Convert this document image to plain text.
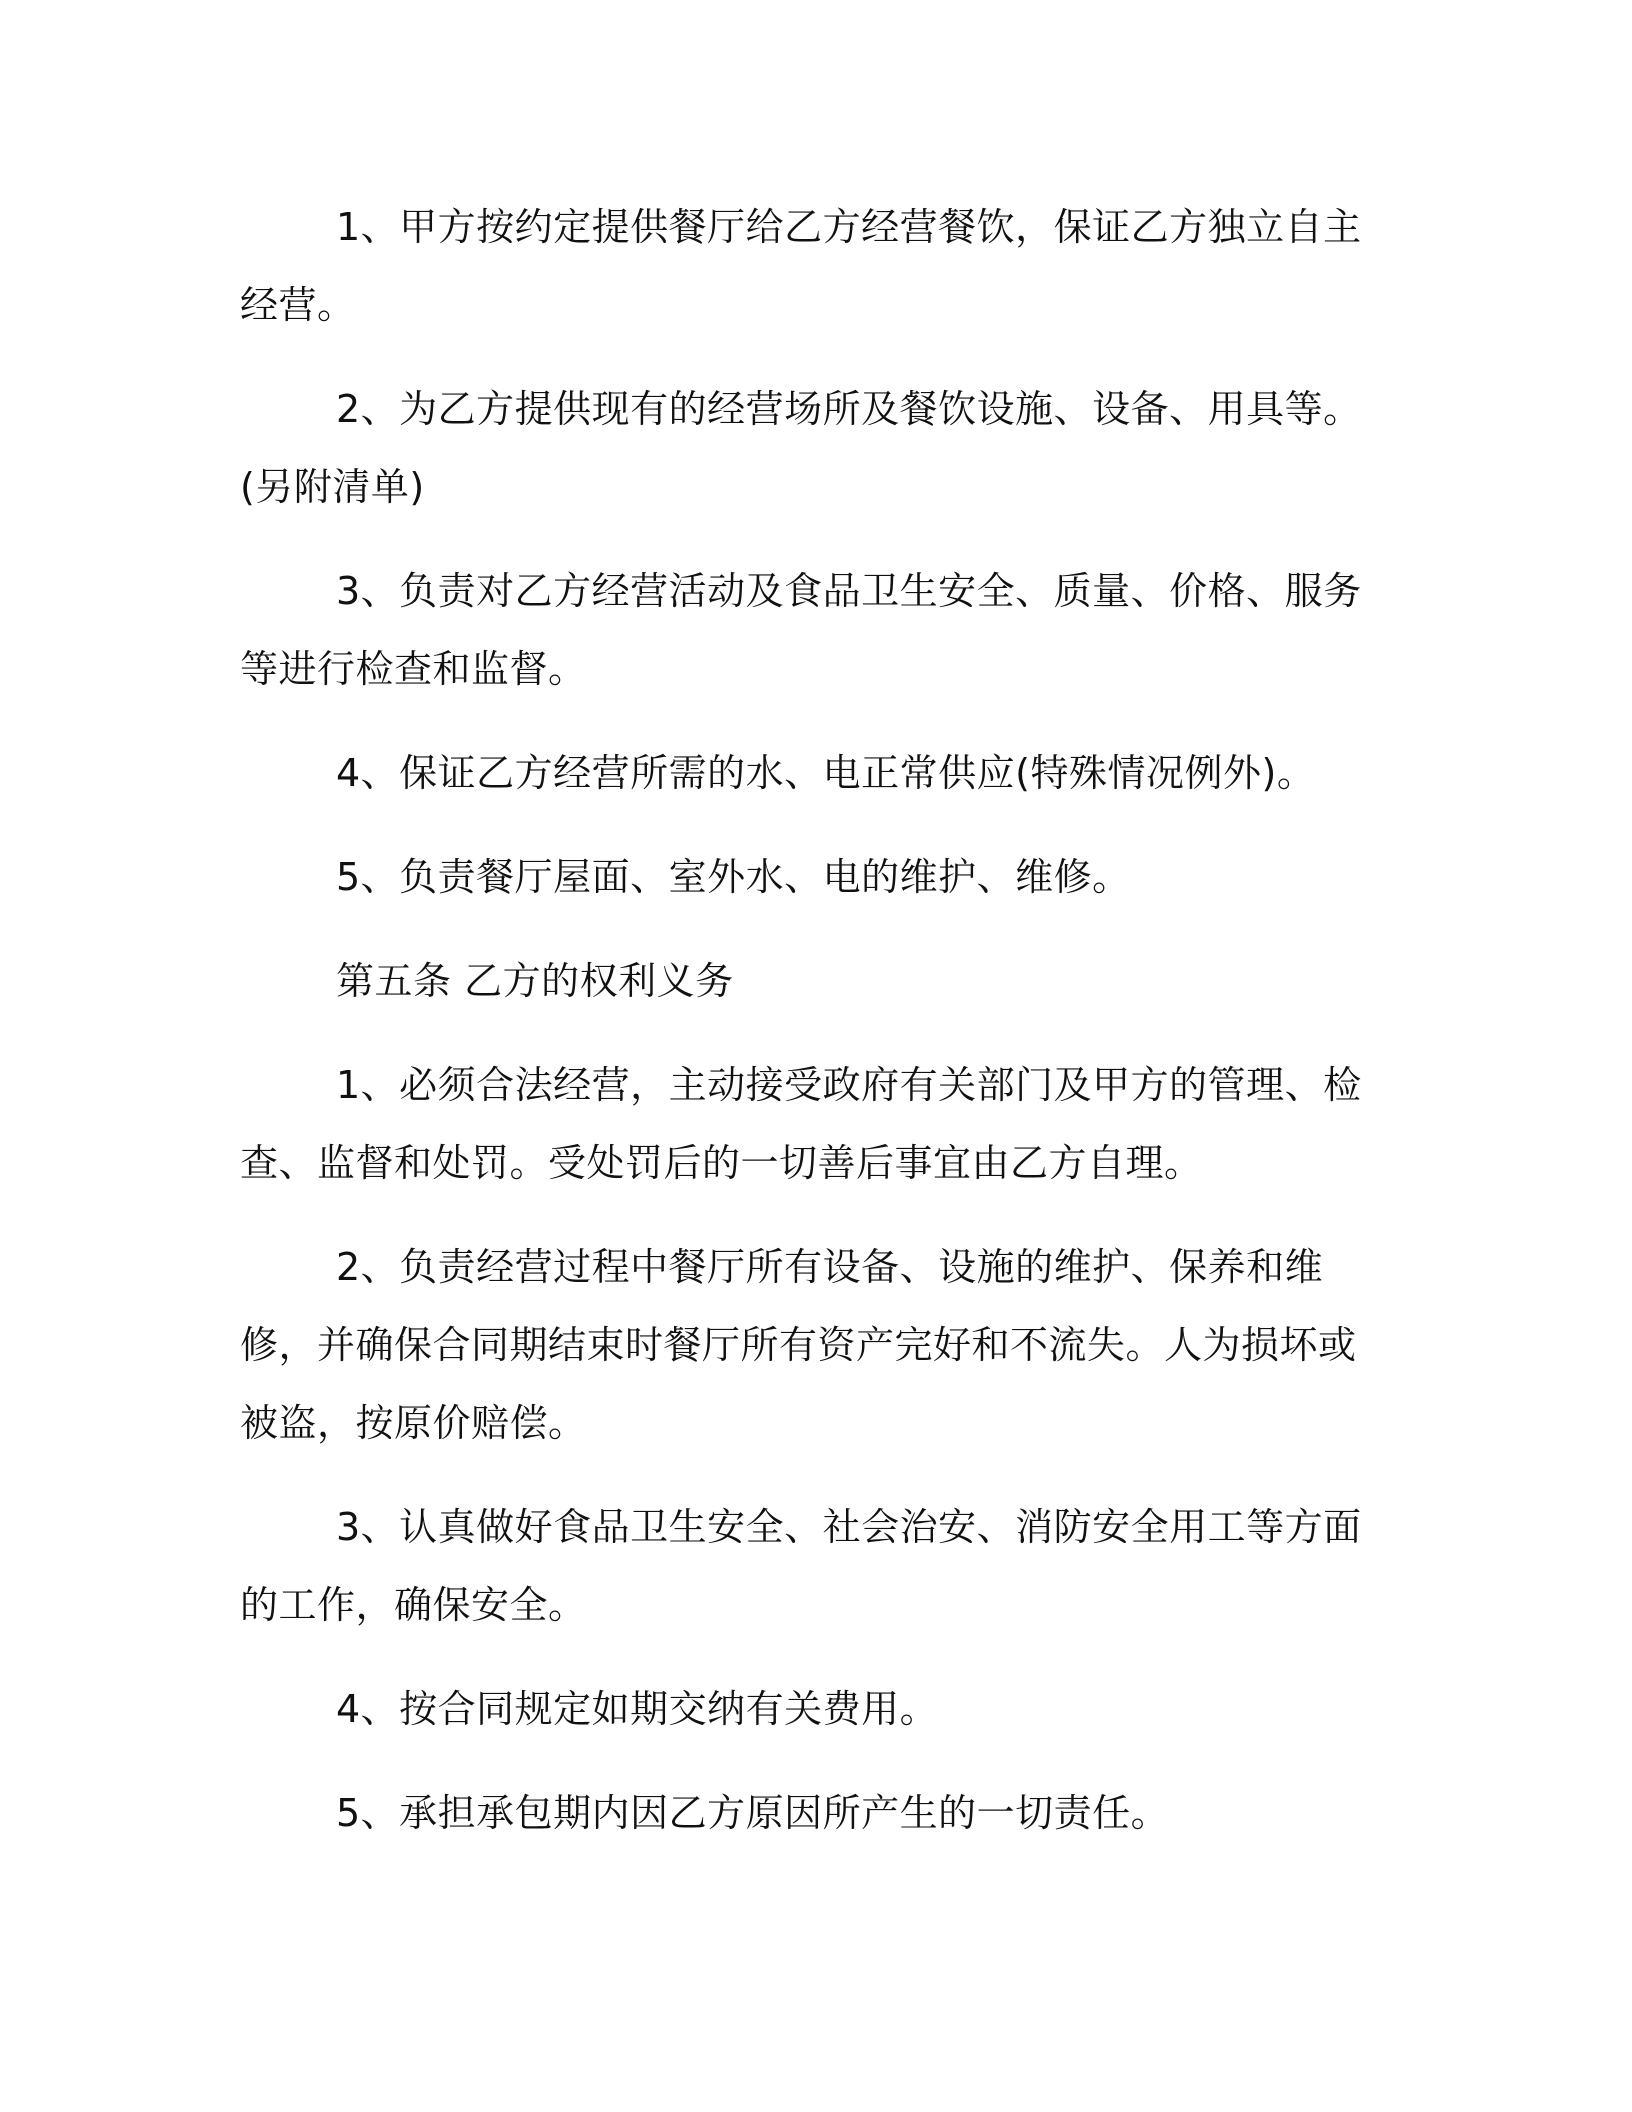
1、甲方按约定提供餐厅给乙方经营餐饮，保证乙方独立自主经营。

2、为乙方提供现有的经营场所及餐饮设施、设备、用具等。(另附清单)

3、负责对乙方经营活动及食品卫生安全、质量、价格、服务等进行检查和监督。

4、保证乙方经营所需的水、电正常供应(特殊情况例外)。

5、负责餐厅屋面、室外水、电的维护、维修。

第五条 乙方的权利义务

1、必须合法经营，主动接受政府有关部门及甲方的管理、检查、监督和处罚。受处罚后的一切善后事宜由乙方自理。

2、负责经营过程中餐厅所有设备、设施的维护、保养和维修，并确保合同期结束时餐厅所有资产完好和不流失。人为损坏或被盗，按原价赔偿。

3、认真做好食品卫生安全、社会治安、消防安全用工等方面的工作，确保安全。

4、按合同规定如期交纳有关费用。

5、承担承包期内因乙方原因所产生的一切责任。
